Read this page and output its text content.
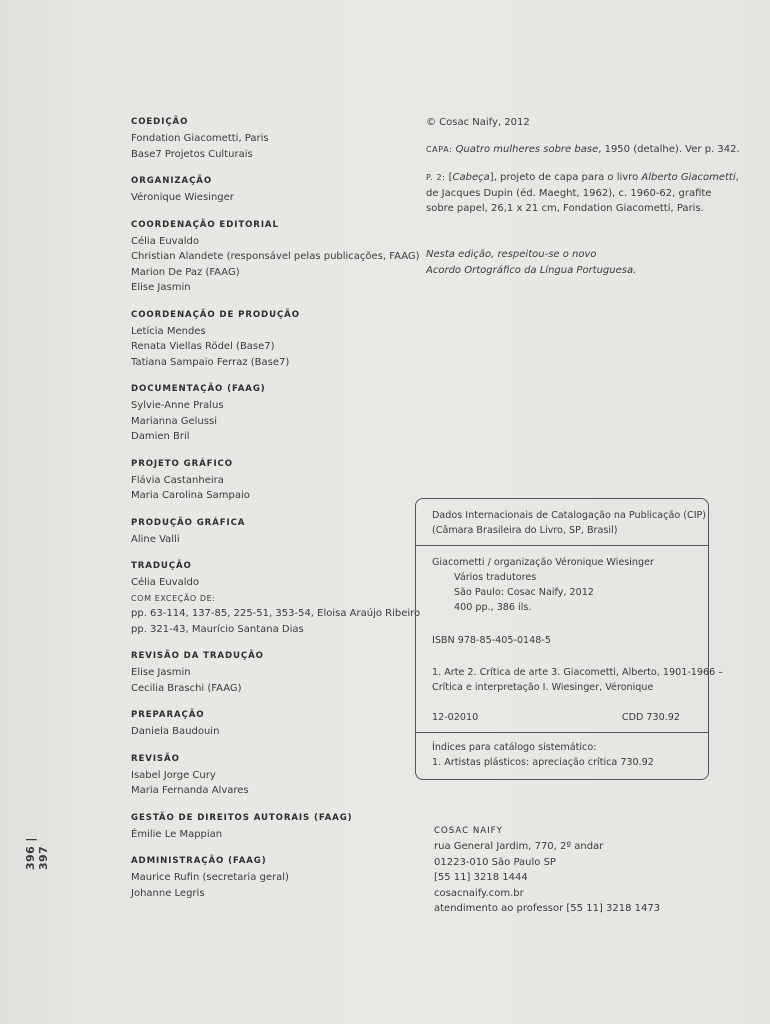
COEDIÇÃO
Fondation Giacometti, Paris
Base7 Projetos Culturais
ORGANIZAÇÃO
Véronique Wiesinger
COORDENAÇÃO EDITORIAL
Célia Euvaldo
Christian Alandete (responsável pelas publicações, FAAG)
Marion De Paz (FAAG)
Elise Jasmin
COORDENAÇÃO DE PRODUÇÃO
Letícia Mendes
Renata Viellas Rödel (Base7)
Tatiana Sampaio Ferraz (Base7)
DOCUMENTAÇÃO (FAAG)
Sylvie-Anne Pralus
Marianna Gelussi
Damien Bril
PROJETO GRÁFICO
Flávia Castanheira
Maria Carolina Sampaio
PRODUÇÃO GRÁFICA
Aline Valli
TRADUÇÃO
Célia Euvaldo
COM EXCEÇÃO DE:
pp. 63-114, 137-85, 225-51, 353-54, Eloisa Araújo Ribeiro
pp. 321-43, Maurício Santana Dias
REVISÃO DA TRADUÇÃO
Elise Jasmin
Cecilia Braschi (FAAG)
PREPARAÇÃO
Daniela Baudouin
REVISÃO
Isabel Jorge Cury
Maria Fernanda Alvares
GESTÃO DE DIREITOS AUTORAIS (FAAG)
Émilie Le Mappian
ADMINISTRAÇÃO (FAAG)
Maurice Rufin (secretaria geral)
Johanne Legris
© Cosac Naify, 2012
CAPA: Quatro mulheres sobre base, 1950 (detalhe). Ver p. 342.
P. 2: [Cabeça], projeto de capa para o livro Alberto Giacometti,
de Jacques Dupin (éd. Maeght, 1962), c. 1960-62, grafite
sobre papel, 26,1 x 21 cm, Fondation Giacometti, Paris.
Nesta edição, respeitou-se o novo
Acordo Ortográfico da Língua Portuguesa.
Dados Internacionais de Catalogação na Publicação (CIP)
(Câmara Brasileira do Livro, SP, Brasil)
Giacometti / organização Véronique Wiesinger
Vários tradutores
São Paulo: Cosac Naify, 2012
400 pp., 386 ils.
ISBN 978-85-405-0148-5
1. Arte 2. Crítica de arte 3. Giacometti, Alberto, 1901-1966 –
Crítica e interpretação I. Wiesinger, Véronique
12-02010	CDD 730.92
Índices para catálogo sistemático:
1. Artistas plásticos: apreciação crítica 730.92
COSAC NAIFY
rua General Jardim, 770, 2º andar
01223-010 São Paulo SP
[55 11] 3218 1444
cosacnaify.com.br
atendimento ao professor [55 11] 3218 1473
396 | 397
